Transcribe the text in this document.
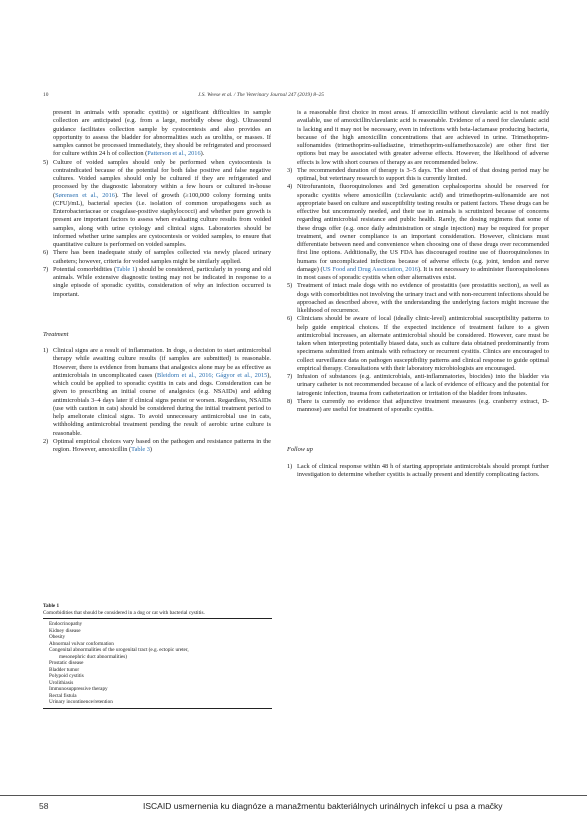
10	J.S. Weese et al. / The Veterinary Journal 247 (2019) 8–25

present in animals with sporadic cystitis) or significant difficulties in sample collection are anticipated (e.g. from a large, morbidly obese dog). Ultrasound guidance facilitates collection sample by cystocentesis and also provides an opportunity to assess the bladder for abnormalities such as uroliths, or masses. If samples cannot be processed immediately, they should be refrigerated and processed for culture within 24 h of collection (Patterson et al., 2016).

5) Culture of voided samples should only be performed when cystocentesis is contraindicated because of the potential for both false positive and false negative cultures. Voided samples should only be cultured if they are refrigerated and processed by the diagnostic laboratory within a few hours or cultured in-house (Sørensen et al., 2016). The level of growth (≥100,000 colony forming units (CFU)/mL), bacterial species (i.e. isolation of common uropathogens such as Enterobacteriaceae or coagulase-positive staphylococci) and whether pure growth is present are important factors to assess when evaluating culture results from voided samples, along with urine cytology and clinical signs. Laboratories should be informed whether urine samples are cystocentesis or voided samples, to ensure that quantitative culture is performed on voided samples.

6) There has been inadequate study of samples collected via newly placed urinary catheters; however, criteria for voided samples might be similarly applied.

7) Potential comorbidities (Table 1) should be considered, particularly in young and old animals. While extensive diagnostic testing may not be indicated in response to a single episode of sporadic cystitis, consideration of why an infection occurred is important.

Treatment

1) Clinical signs are a result of inflammation. In dogs, a decision to start antimicrobial therapy while awaiting culture results (if samples are submitted) is reasonable. However, there is evidence from humans that analgesics alone may be as effective as antimicrobials in uncomplicated cases (Bleidorn et al., 2016; Gágyor et al., 2015), which could be applied to sporadic cystitis in cats and dogs. Consideration can be given to prescribing an initial course of analgesics (e.g. NSAIDs) and adding antimicrobials 3–4 days later if clinical signs persist or worsen. Regardless, NSAIDs (use with caution in cats) should be considered during the initial treatment period to help ameliorate clinical signs. To avoid unnecessary antimicrobial use in cats, withholding antimicrobial treatment pending the result of aerobic urine culture is reasonable.

2) Optimal empirical choices vary based on the pathogen and resistance patterns in the region. However, amoxicillin (Table 3)

Table 1
Comorbidities that should be considered in a dog or cat with bacterial cystitis.
Endocrinopathy
Kidney disease
Obesity
Abnormal vulvar conformation
Congenital abnormalities of the urogenital tract (e.g. ectopic ureter,
mesonephric duct abnormalities)
Prostatic disease
Bladder tumor
Polypoid cystitis
Urolithiasis
Immunosuppressive therapy
Rectal fistula
Urinary incontinence/retention

is a reasonable first choice in most areas. If amoxicillin without clavulanic acid is not readily available, use of amoxicillin/clavulanic acid is reasonable. Evidence of a need for clavulanic acid is lacking and it may not be necessary, even in infections with beta-lactamase producing bacteria, because of the high amoxicillin concentrations that are achieved in urine. Trimethoprim-sulfonamides (trimethoprim-sulfadiazine, trimethoprim-sulfamethoxazole) are other first tier options but may be associated with greater adverse effects. However, the likelihood of adverse effects is low with short courses of therapy as are recommended below.

3) The recommended duration of therapy is 3–5 days. The short end of that dosing period may be optimal, but veterinary research to support this is currently limited.

4) Nitrofurantoin, fluoroquinolones and 3rd generation cephalosporins should be reserved for sporadic cystitis where amoxicillin (±clavulanic acid) and trimethoprim-sulfonamide are not appropriate based on culture and susceptibility testing results or patient factors. These drugs can be effective but uncommonly needed, and their use in animals is scrutinized because of concerns regarding antimicrobial resistance and public health. Rarely, the dosing regimens that some of these drugs offer (e.g. once daily administration or single injection) may be required for proper treatment, and owner compliance is an important consideration. However, clinicians must differentiate between need and convenience when choosing one of these drugs over recommended first line options. Additionally, the US FDA has discouraged routine use of fluoroquinolones in humans for uncomplicated infections because of adverse effects (e.g. joint, tendon and nerve damage) (US Food and Drug Association, 2016). It is not necessary to administer fluoroquinolones in most cases of sporadic cystitis when other alternatives exist.

5) Treatment of intact male dogs with no evidence of prostatitis (see prostatitis section), as well as dogs with comorbidities not involving the urinary tract and with non-recurrent infections should be approached as described above, with the understanding the underlying factors might increase the likelihood of recurrence.

6) Clinicians should be aware of local (ideally clinic-level) antimicrobial susceptibility patterns to help guide empirical choices. If the expected incidence of treatment failure to a given antimicrobial increases, an alternate antimicrobial should be considered. However, care must be taken when interpreting potentially biased data, such as culture data obtained predominantly from specimens submitted from animals with refractory or recurrent cystitis. Clinics are encouraged to collect surveillance data on pathogen susceptibility patterns and clinical response to guide optimal empirical therapy. Consultations with their laboratory microbiologists are encouraged.

7) Infusion of substances (e.g. antimicrobials, anti-inflammatories, biocides) into the bladder via urinary catheter is not recommended because of a lack of evidence of efficacy and the potential for iatrogenic infection, trauma from catheterization or irritation of the bladder from infusates.

8) There is currently no evidence that adjunctive treatment measures (e.g. cranberry extract, D-mannose) are useful for treatment of sporadic cystitis.

Follow up

1) Lack of clinical response within 48 h of starting appropriate antimicrobials should prompt further investigation to determine whether cystitis is actually present and identify complicating factors.

58	ISCAID usmernenia ku diagnóze a manažmentu bakteriálnych urinálnych infekcí u psa a mačky
